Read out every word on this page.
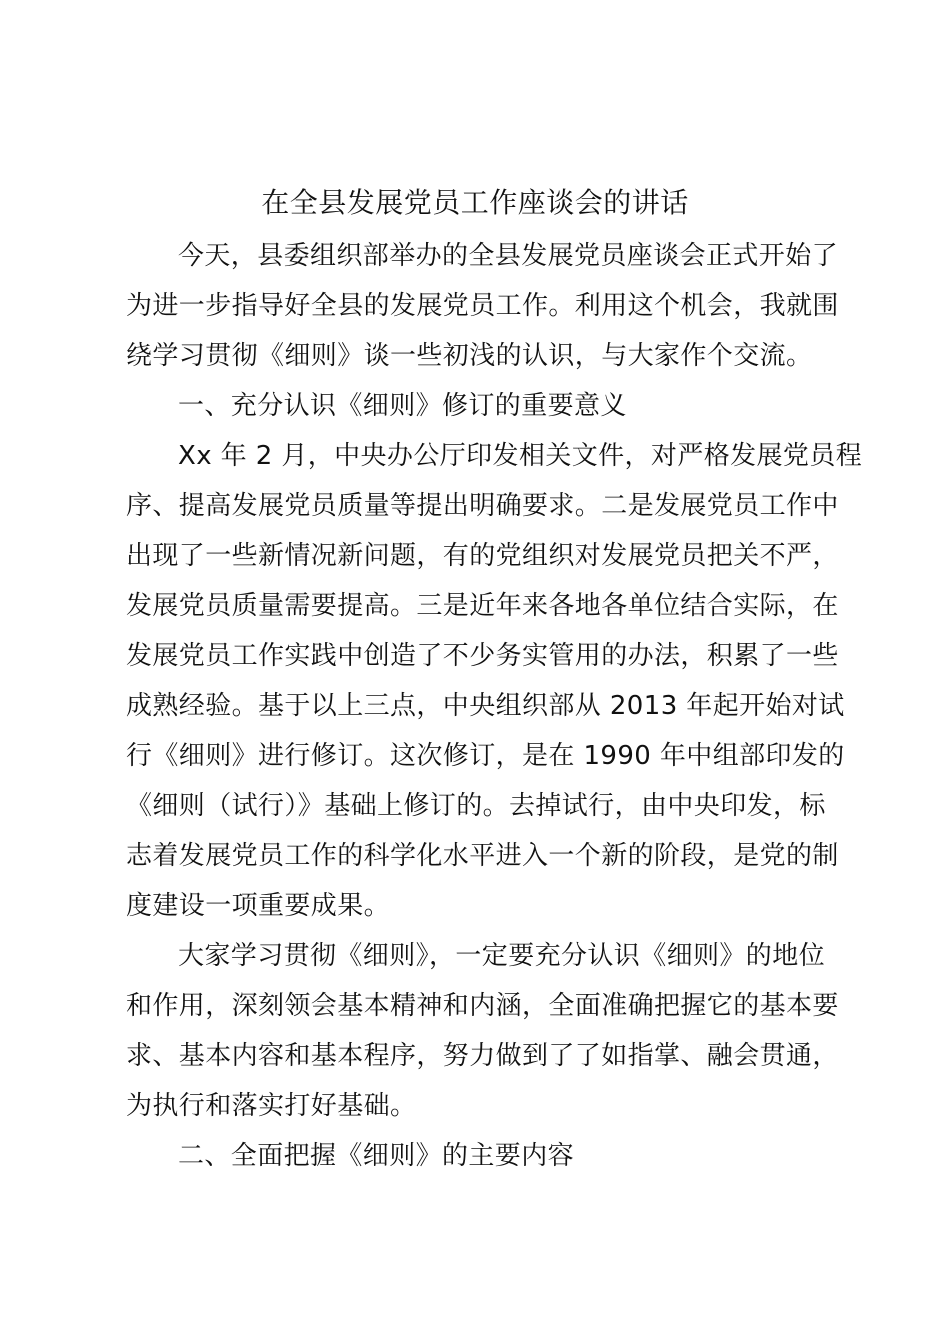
在全县发展党员工作座谈会的讲话
今天，县委组织部举办的全县发展党员座谈会正式开始了
为进一步指导好全县的发展党员工作。利用这个机会，我就围
绕学习贯彻《细则》谈一些初浅的认识，与大家作个交流。
一、充分认识《细则》修订的重要意义
Xx 年 2 月，中央办公厅印发相关文件，对严格发展党员程
序、提高发展党员质量等提出明确要求。二是发展党员工作中
出现了一些新情况新问题，有的党组织对发展党员把关不严，
发展党员质量需要提高。三是近年来各地各单位结合实际，在
发展党员工作实践中创造了不少务实管用的办法，积累了一些
成熟经验。基于以上三点，中央组织部从 2013 年起开始对试
行《细则》进行修订。这次修订，是在 1990 年中组部印发的
《细则（试行）》基础上修订的。去掉试行，由中央印发，标
志着发展党员工作的科学化水平进入一个新的阶段，是党的制
度建设一项重要成果。
大家学习贯彻《细则》，一定要充分认识《细则》的地位
和作用，深刻领会基本精神和内涵，全面准确把握它的基本要
求、基本内容和基本程序，努力做到了了如指掌、融会贯通，
为执行和落实打好基础。
二、全面把握《细则》的主要内容
